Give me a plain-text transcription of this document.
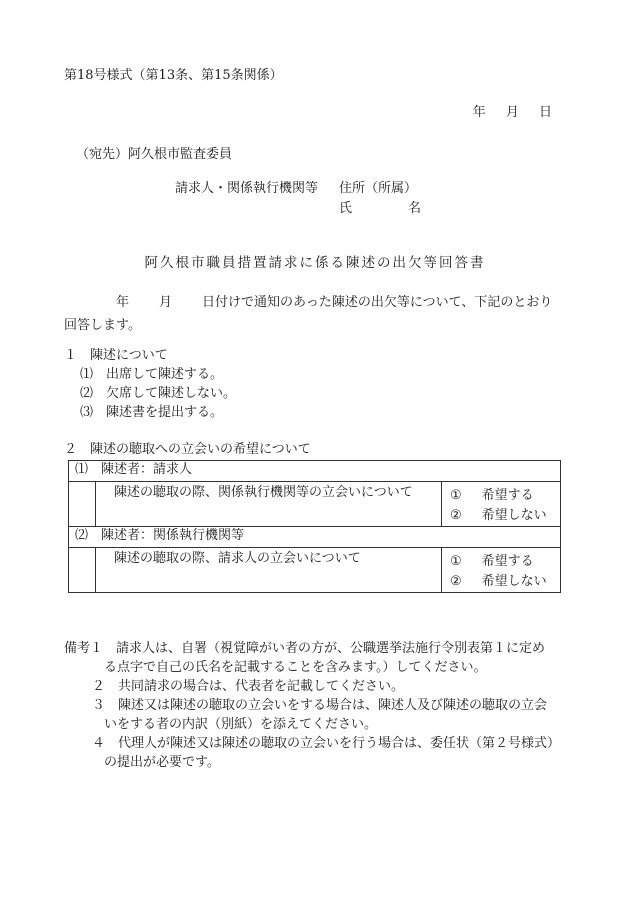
第18号様式（第13条、第15条関係）
年 月 日
（宛先）阿久根市監査委員
請求人・関係執行機関等 住所（所属）
氏	名
阿久根市職員措置請求に係る陳述の出欠等回答書
年 月 日付けで通知のあった陳述の出欠等について、下記のとおり
回答します。
１　陳述について
⑴　出席して陳述する。
⑵　欠席して陳述しない。
⑶　陳述書を提出する。
２　陳述の聴取への立会いの希望について
⑴　陳述者：請求人		
	陳述の聴取の際、関係執行機関等の立会いについて	① 希望する
② 希望しない

⑵　陳述者：関係執行機関等		
	陳述の聴取の際、請求人の立会いについて	① 希望する
② 希望しない
備考１　請求人は、自署（視覚障がい者の方が、公職選挙法施行令別表第１に定め
る点字で自己の氏名を記載することを含みます。）してください。
２　共同請求の場合は、代表者を記載してください。
３　陳述又は陳述の聴取の立会いをする場合は、陳述人及び陳述の聴取の立会
いをする者の内訳（別紙）を添えてください。
４　代理人が陳述又は陳述の聴取の立会いを行う場合は、委任状（第２号様式）
の提出が必要です。
